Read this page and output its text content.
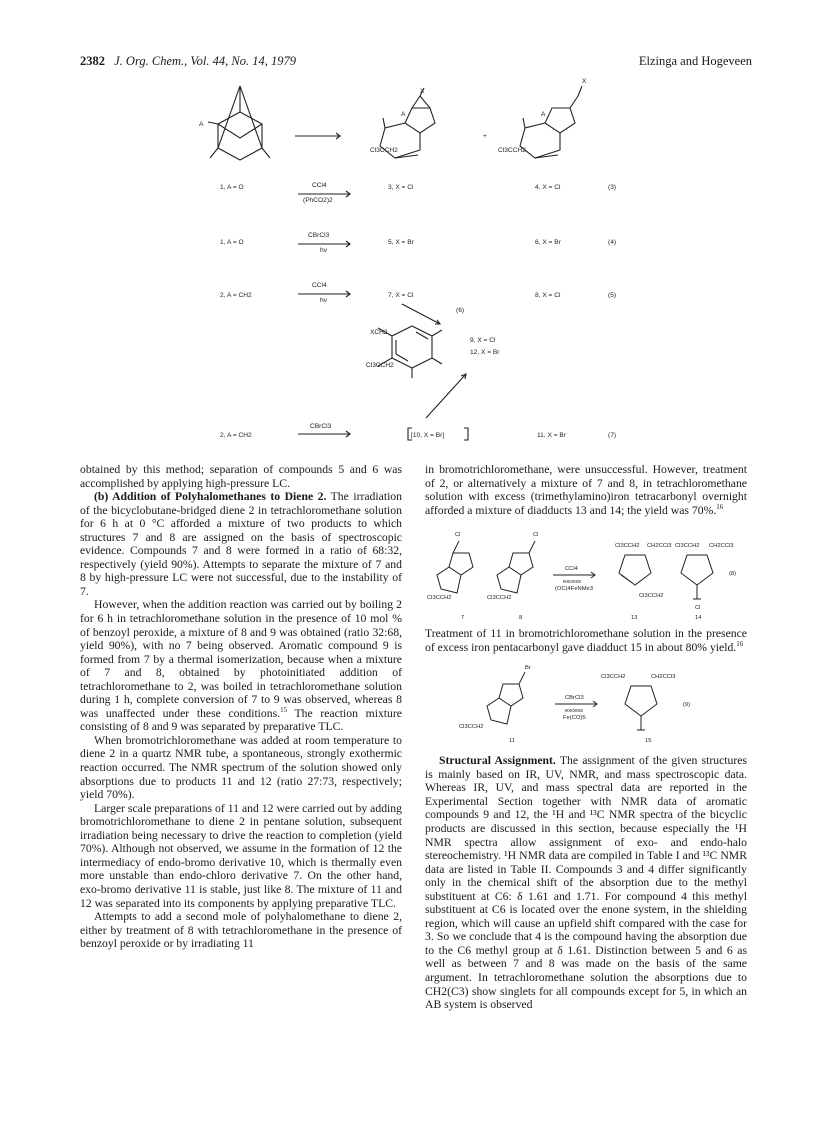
2382 J. Org. Chem., Vol. 44, No. 14, 1979	Elzinga and Hogeveen
A
X
A
X
A
Cl3CCH2	Cl3CCH2
+
1, A = O	CCl4
(PhCO2)2
3, X = Cl	4, X = Cl	(3)
1, A = O
CBrCl3
hν
5, X = Br	6, X = Br	(4)
2, A = CH2
CCl4
hν
7, X = Cl	8, X = Cl	(5)
(6)
XCH2
Cl3CCH2
9, X = Cl
12, X = Br
2, A = CH2
CBrCl3
[10, X = Br]	11, X = Br	(7)

obtained by this method; separation of compounds 5 and 6 was accomplished by applying high-pressure LC.

(b) Addition of Polyhalomethanes to Diene 2. The irradiation of the bicyclobutane-bridged diene 2 in tetrachloromethane solution for 6 h at 0 °C afforded a mixture of two products to which structures 7 and 8 are assigned on the basis of spectroscopic evidence. Compounds 7 and 8 were formed in a ratio of 68:32, respectively (yield 90%). Attempts to separate the mixture of 7 and 8 by high-pressure LC were not successful, due to the instability of 7.

However, when the addition reaction was carried out by boiling 2 for 6 h in tetrachloromethane solution in the presence of 10 mol % of benzoyl peroxide, a mixture of 8 and 9 was obtained (ratio 32:68, yield 90%), with no 7 being observed. Aromatic compound 9 is formed from 7 by a thermal isomerization, because when a mixture of 7 and 8, obtained by photoinitiated addition of tetrachloromethane to 2, was boiled in tetrachloromethane solution during 1 h, complete conversion of 7 to 9 was observed, whereas 8 was unaffected under these conditions.$^{15}$ The reaction mixture consisting of 8 and 9 was separated by preparative TLC.

When bromotrichloromethane was added at room temperature to diene 2 in a quartz NMR tube, a spontaneous, strongly exothermic reaction occurred. The NMR spectrum of the solution showed only absorptions due to products 11 and 12 (ratio 27:73, respectively; yield 70%).

Larger scale preparations of 11 and 12 were carried out by adding bromotrichloromethane to diene 2 in pentane solution, subsequent irradiation being necessary to drive the reaction to completion (yield 70%). Although not observed, we assume in the formation of 12 the intermediacy of endo-bromo derivative 10, which is thermally even more unstable than endo-chloro derivative 7. On the other hand, exo-bromo derivative 11 is stable, just like 8. The mixture of 11 and 12 was separated into its components by applying preparative TLC.

Attempts to add a second mole of polyhalomethane to diene 2, either by treatment of 8 with tetrachloromethane in the presence of benzoyl peroxide or by irradiating 11

in bromotrichloromethane, were unsuccessful. However, treatment of 2, or alternatively a mixture of 7 and 8, in tetrachloromethane solution with excess (trimethylamino)iron tetracarbonyl overnight afforded a mixture of diadducts 13 and 14; the yield was 70%.$^{16}$

Cl	Cl
Cl3CCH2	Cl3CCH2
Cl3CCH2 CH2CCl3 Cl3CCH2 CH2CCl3
Cl3CCH2
Cl
CCl4
excess
(OC)4FeNMe3
7	8	13	14
(8)

Treatment of 11 in bromotrichloromethane solution in the presence of excess iron pentacarbonyl gave diadduct 15 in about 80% yield.$^{16}$

Br
Cl3CCH2
Cl3CCH2	CH2CCl3
CBrCl3
excess
Fe(CO)5
11	15
(9)

Structural Assignment. The assignment of the given structures is mainly based on IR, UV, NMR, and mass spectroscopic data. Whereas IR, UV, and mass spectral data are reported in the Experimental Section together with NMR data of aromatic compounds 9 and 12, the ¹H and ¹³C NMR spectra of the bicyclic products are discussed in this section, because especially the ¹H NMR spectra allow assignment of exo- and endo-halo stereochemistry. ¹H NMR data are compiled in Table I and ¹³C NMR data are listed in Table II. Compounds 3 and 4 differ significantly only in the chemical shift of the absorption due to the methyl substituent at C6: δ 1.61 and 1.71. For compound 4 this methyl substituent at C6 is located over the enone system, in the shielding region, which will cause an upfield shift compared with the case for 3. So we conclude that 4 is the compound having the absorption due to the C6 methyl group at δ 1.61. Distinction between 5 and 6 as well as between 7 and 8 was made on the basis of the same argument. In tetrachloromethane solution the absorptions due to CH2(C3) show singlets for all compounds except for 5, in which an AB system is observed
